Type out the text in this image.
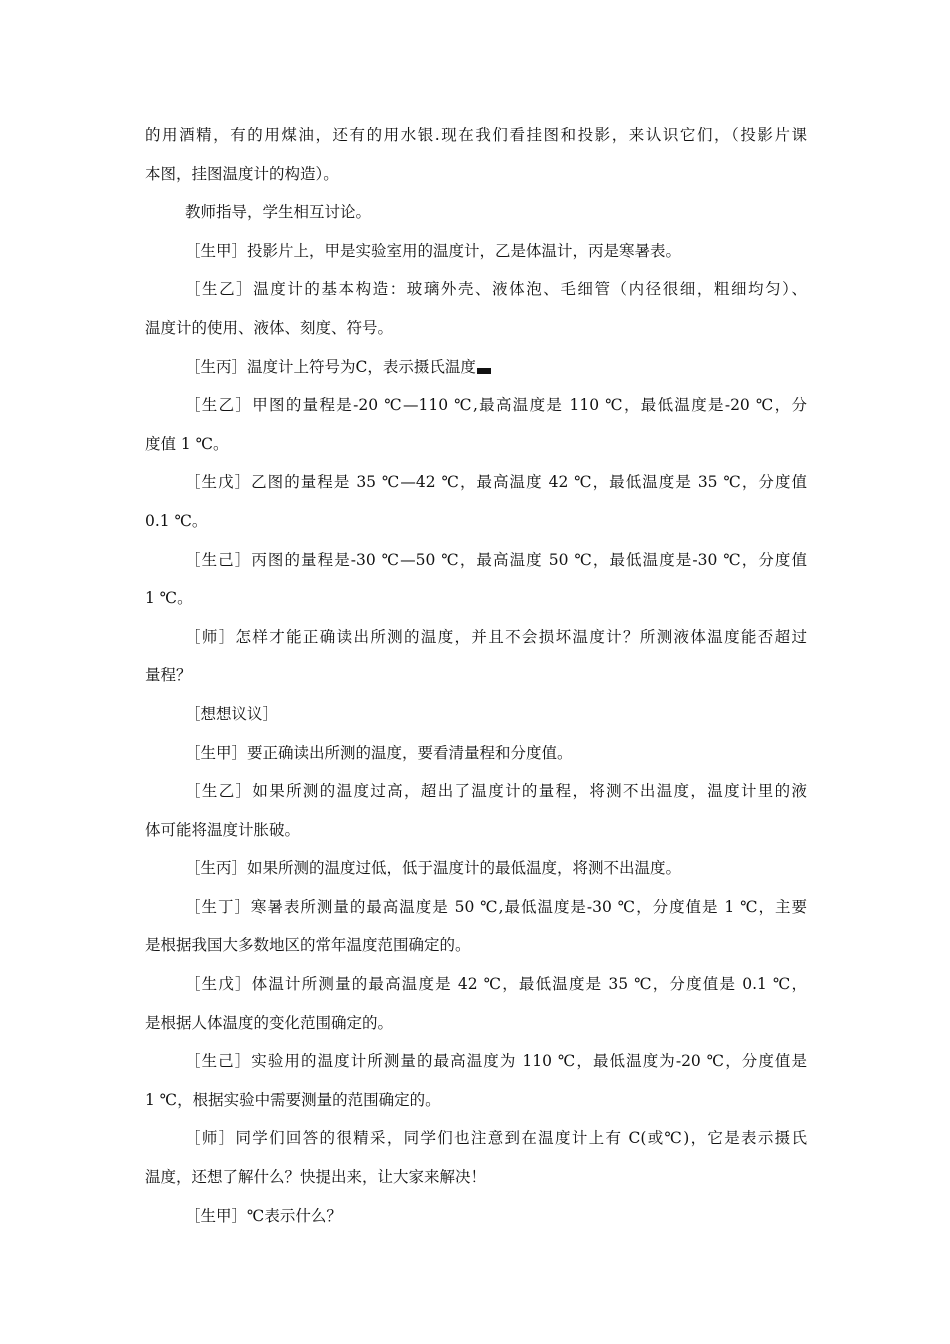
的用酒精，有的用煤油，还有的用水银.现在我们看挂图和投影，来认识它们，（投影片课
本图，挂图温度计的构造）。
教师指导，学生相互讨论。
［生甲］投影片上，甲是实验室用的温度计，乙是体温计，丙是寒暑表。
［生乙］温度计的基本构造：玻璃外壳、液体泡、毛细管（内径很细，粗细均匀）、
温度计的使用、液体、刻度、符号。
［生丙］温度计上符号为C，表示摄氏温度
［生乙］甲图的量程是-20 ℃—110 ℃,最高温度是 110 ℃，最低温度是-20 ℃，分
度值 1 ℃。
［生戊］乙图的量程是 35 ℃—42 ℃，最高温度 42 ℃，最低温度是 35 ℃，分度值
0.1 ℃。
［生己］丙图的量程是-30 ℃—50 ℃，最高温度 50 ℃，最低温度是-30 ℃，分度值
1 ℃。
［师］怎样才能正确读出所测的温度，并且不会损坏温度计？所测液体温度能否超过
量程？
［想想议议］
［生甲］要正确读出所测的温度，要看清量程和分度值。
［生乙］如果所测的温度过高，超出了温度计的量程，将测不出温度，温度计里的液
体可能将温度计胀破。
［生丙］如果所测的温度过低，低于温度计的最低温度，将测不出温度。
［生丁］寒暑表所测量的最高温度是 50 ℃,最低温度是-30 ℃，分度值是 1 ℃，主要
是根据我国大多数地区的常年温度范围确定的。
［生戊］体温计所测量的最高温度是 42 ℃，最低温度是 35 ℃，分度值是 0.1 ℃，
是根据人体温度的变化范围确定的。
［生己］实验用的温度计所测量的最高温度为 110 ℃，最低温度为-20 ℃，分度值是
1 ℃，根据实验中需要测量的范围确定的。
［师］同学们回答的很精采，同学们也注意到在温度计上有 C(或℃)，它是表示摄氏
温度，还想了解什么？快提出来，让大家来解决！
［生甲］℃表示什么？
